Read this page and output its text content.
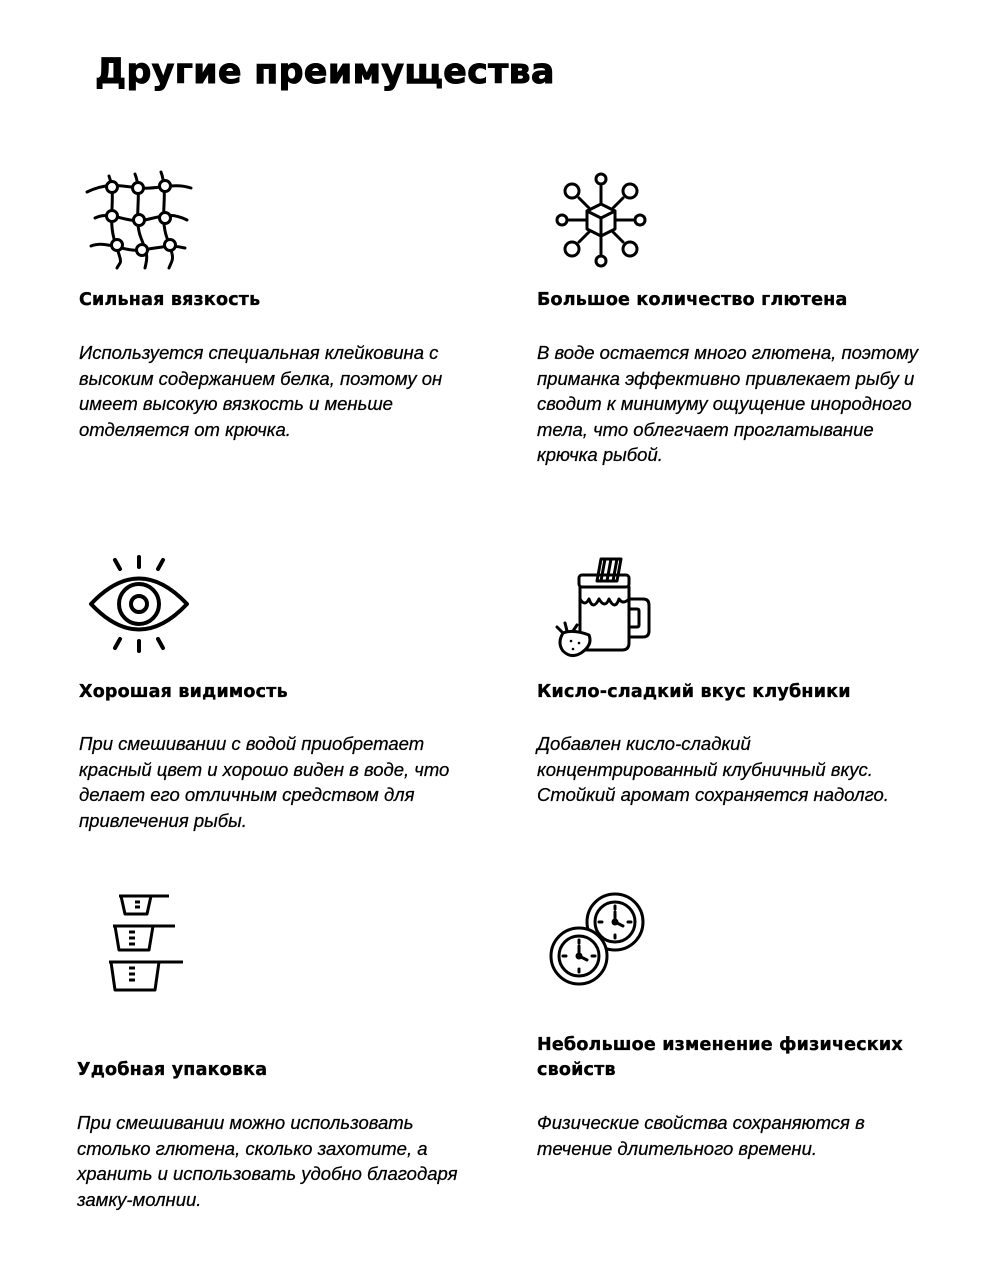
Другие преимущества
Сильная вязкость

Используется специальная клейковина с
высоким содержанием белка, поэтому он
имеет высокую вязкость и меньше
отделяется от крючка.

Большое количество глютена

В воде остается много глютена, поэтому
приманка эффективно привлекает рыбу и
сводит к минимуму ощущение инородного
тела, что облегчает проглатывание
крючка рыбой.

Хорошая видимость

При смешивании с водой приобретает
красный цвет и хорошо виден в воде, что
делает его отличным средством для
привлечения рыбы.

Кисло-сладкий вкус клубники

Добавлен кисло-сладкий
концентрированный клубничный вкус.
Стойкий аромат сохраняется надолго.

Удобная упаковка

При смешивании можно использовать
столько глютена, сколько захотите, а
хранить и использовать удобно благодаря
замку-молнии.

Небольшое изменение физических
свойств

Физические свойства сохраняются в
течение длительного времени.
